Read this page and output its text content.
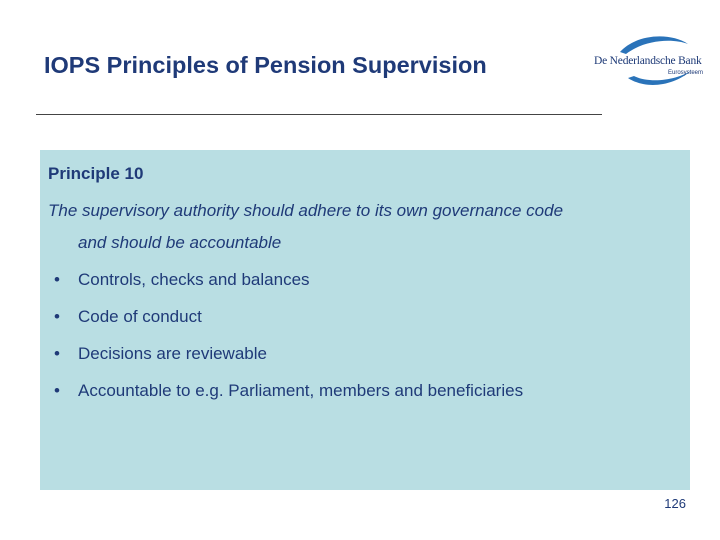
IOPS Principles of Pension Supervision	De Nederlandsche Bank
Eurosysteem
Principle 10
The supervisory authority should adhere to its own governance code
and should be accountable
• Controls, checks and balances
• Code of conduct
• Decisions are reviewable
• Accountable to e.g. Parliament, members and beneficiaries
126
